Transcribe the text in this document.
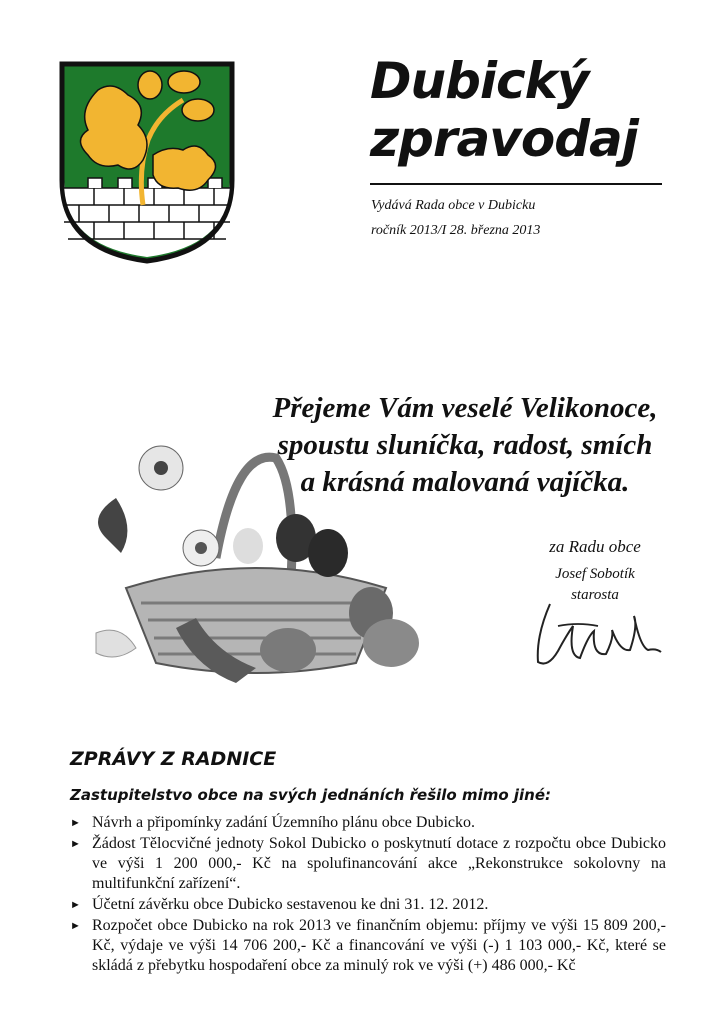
Dubický
zpravodaj
Vydává Rada obce v Dubicku
ročník 2013/I 28. března 2013
Přejeme Vám veselé Velikonoce,
spoustu sluníčka, radost, smích
a krásná malovaná vajíčka.
za Radu obce
Josef Sobotík
starosta
ZPRÁVY Z RADNICE
Zastupitelstvo obce na svých jednáních řešilo mimo jiné:
► Návrh a připomínky zadání Územního plánu obce Dubicko.
► Žádost Tělocvičné jednoty Sokol Dubicko o poskytnutí dotace z rozpočtu obce Dubicko ve výši 1 200 000,- Kč na spolufinancování akce „Rekonstrukce sokolovny na multifunkční zařízení“.
► Účetní závěrku obce Dubicko sestavenou ke dni 31. 12. 2012.
► Rozpočet obce Dubicko na rok 2013 ve finančním objemu: příjmy ve výši 15 809 200,- Kč, výdaje ve výši 14 706 200,- Kč a financování ve výši (-) 1 103 000,- Kč, které se skládá z přebytku hospodaření obce za minulý rok ve výši (+) 486 000,- Kč
